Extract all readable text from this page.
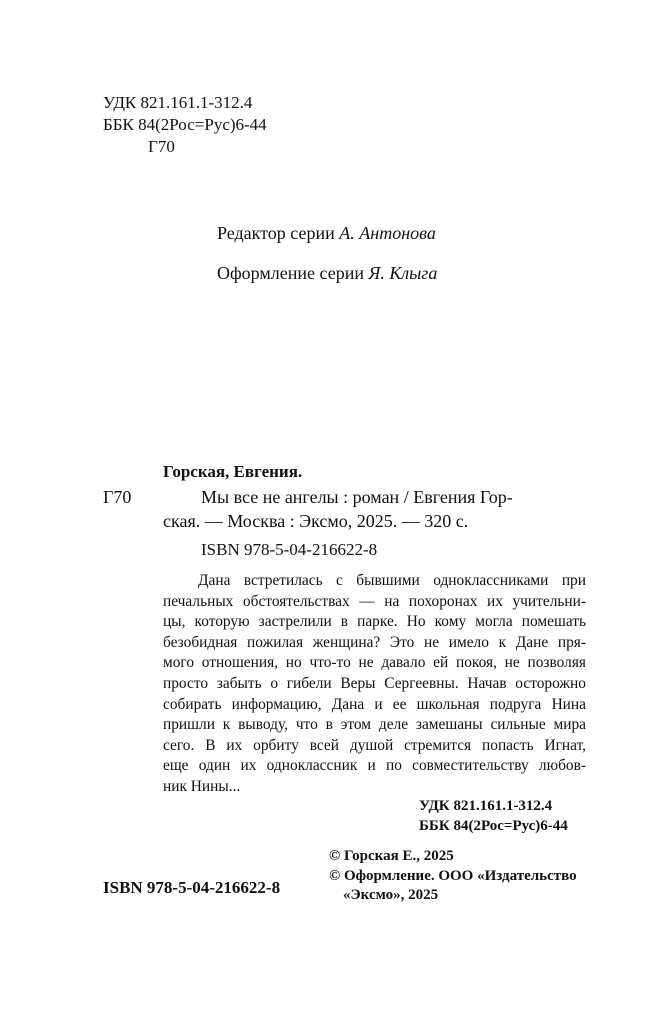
УДК 821.161.1-312.4
ББК 84(2Рос=Рус)6-44
Г70
Редактор серии А. Антонова
Оформление серии Я. Клыга
Горская, Евгения.
Г70	Мы все не ангелы : роман / Евгения Гор-
ская. — Москва : Эксмо, 2025. — 320 с.
ISBN 978-5-04-216622-8

Дана встретилась с бывшими одноклассниками при

печальных обстоятельствах — на похоронах их учительни-

цы, которую застрелили в парке. Но кому могла помешать

безобидная пожилая женщина? Это не имело к Дане пря-

мого отношения, но что-то не давало ей покоя, не позволяя

просто забыть о гибели Веры Сергеевны. Начав осторожно

собирать информацию, Дана и ее школьная подруга Нина

пришли к выводу, что в этом деле замешаны сильные мира

сего. В их орбиту всей душой стремится попасть Игнат,

еще один их одноклассник и по совместительству любов-

ник Нины...

УДК 821.161.1-312.4
ББК 84(2Рос=Рус)6-44
© Горская Е., 2025
© Оформление. ООО «Издательство
«Эксмо», 2025
ISBN 978-5-04-216622-8
